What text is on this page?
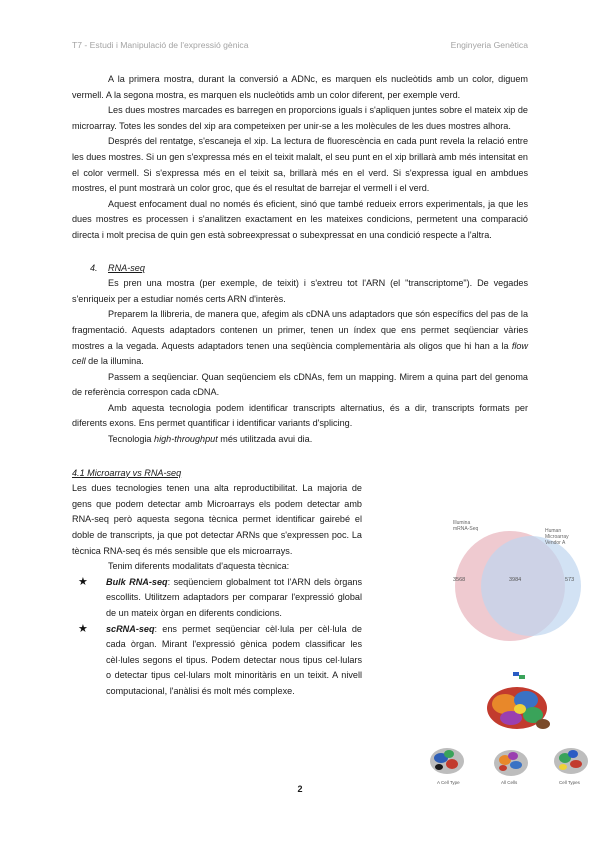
T7 - Estudi i Manipulació de l'expressió gènica	Enginyeria Genètica

A la primera mostra, durant la conversió a ADNc, es marquen els nucleòtids amb un color, diguem vermell. A la segona mostra, es marquen els nucleòtids amb un color diferent, per exemple verd.

Les dues mostres marcades es barregen en proporcions iguals i s'apliquen juntes sobre el mateix xip de microarray. Totes les sondes del xip ara competeixen per unir-se a les molècules de les dues mostres alhora.

Després del rentatge, s'escaneja el xip. La lectura de fluorescència en cada punt revela la relació entre les dues mostres. Si un gen s'expressa més en el teixit malalt, el seu punt en el xip brillarà amb més intensitat en el color vermell. Si s'expressa més en el teixit sa, brillarà més en el verd. Si s'expressa igual en ambdues mostres, el punt mostrarà un color groc, que és el resultat de barrejar el vermell i el verd.

Aquest enfocament dual no només és eficient, sinó que també redueix errors experimentals, ja que les dues mostres es processen i s'analitzen exactament en les mateixes condicions, permetent una comparació directa i molt precisa de quin gen està sobreexpressat o subexpressat en una condició respecte a l'altra.

4. RNA-seq

Es pren una mostra (per exemple, de teixit) i s'extreu tot l'ARN (el "transcriptome"). De vegades s'enriqueix per a estudiar només certs ARN d'interès.

Preparem la llibreria, de manera que, afegim als cDNA uns adaptadors que són específics del pas de la fragmentació. Aquests adaptadors contenen un primer, tenen un índex que ens permet seqüenciar vàries mostres a la vegada. Aquests adaptadors tenen una seqüència complementària als oligos que hi han a la flow cell de la illumina.

Passem a seqüenciar. Quan seqüenciem els cDNAs, fem un mapping. Mirem a quina part del genoma de referència correspon cada cDNA.

Amb aquesta tecnologia podem identificar transcripts alternatius, és a dir, transcripts formats per diferents exons. Ens permet quantificar i identificar variants d'splicing.

Tecnologia high-throughput més utilitzada avui dia.

4.1 Microarray vs RNA-seq

Les dues tecnologies tenen una alta reproductibilitat. La majoria de gens que podem detectar amb Microarrays els podem detectar amb RNA-seq però aquesta segona tècnica permet identificar gairebé el doble de transcripts, ja que pot detectar ARNs que s'expressen poc. La tècnica RNA-seq és més sensible que els microarrays.

Tenim diferents modalitats d'aquesta tècnica:

★ Bulk RNA-seq: seqüenciem globalment tot l'ARN dels òrgans escollits. Utilitzem adaptadors per comparar l'expressió global de un mateix òrgan en diferents condicions.
★ scRNA-seq: ens permet seqüenciar cèl·lula per cèl·lula de cada òrgan. Mirant l'expressió gènica podem classificar les cèl·lules segons el tipus. Podem detectar nous tipus cel·lulars o detectar tipus cel·lulars molt minoritàris en un teixit. A nivell computacional, l'anàlisi és molt més complexe.
Illumina
mRNA-Seq	Human Microarray
Vendor A
3568	3984	573
A Cell Type	All Cells	Cell Types
2
